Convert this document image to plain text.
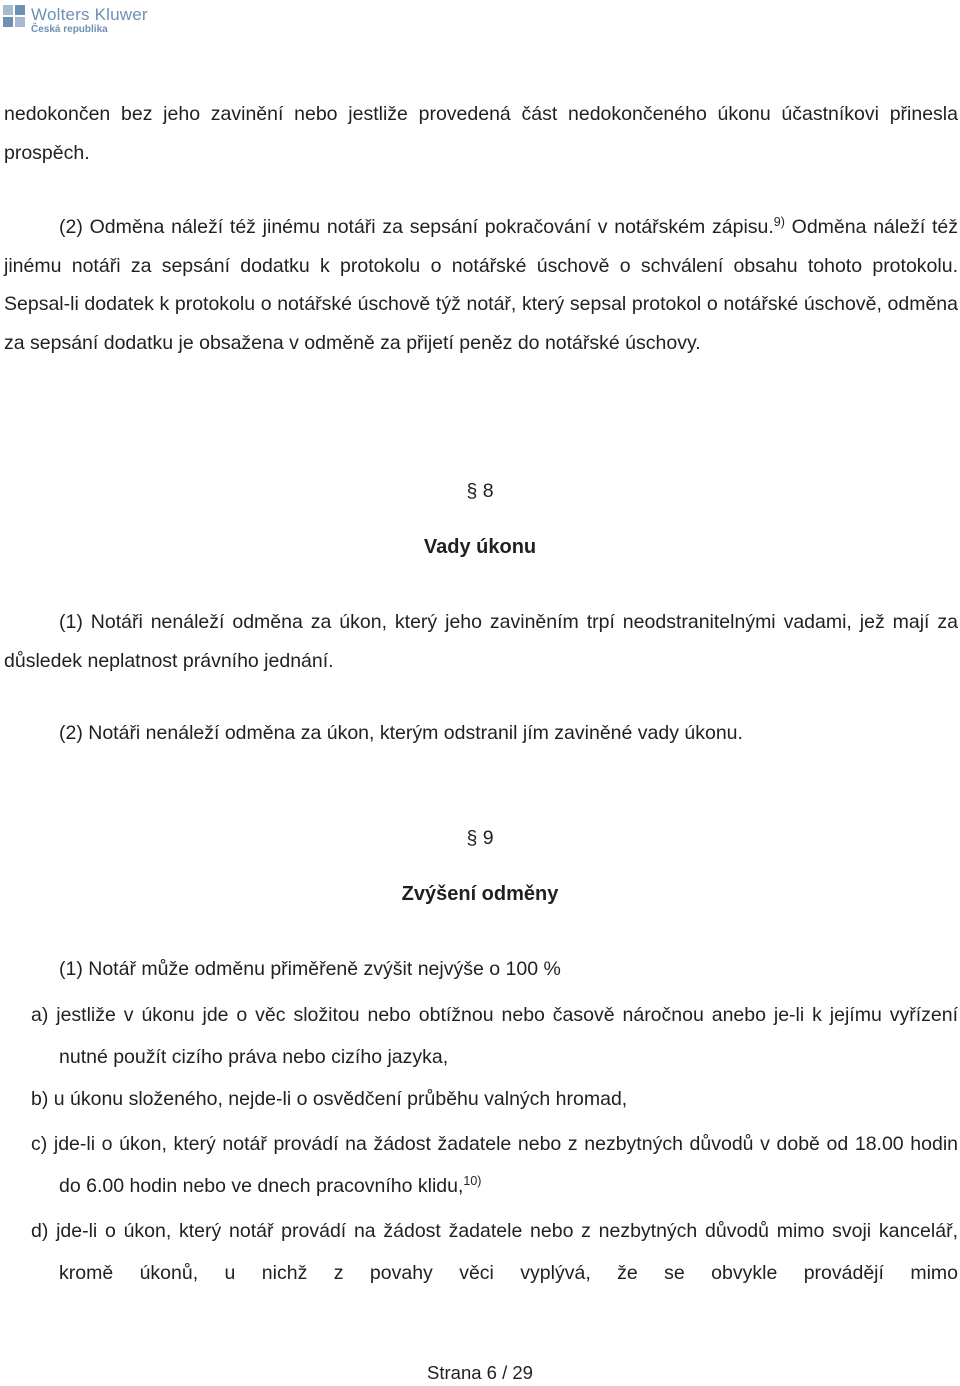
Wolters Kluwer
Česká republika

nedokončen bez jeho zavinění nebo jestliže provedená část nedokončeného úkonu účastníkovi přinesla prospěch.

(2) Odměna náleží též jinému notáři za sepsání pokračování v notářském zápisu.$^{9)}$ Odměna náleží též jinému notáři za sepsání dodatku k protokolu o notářské úschově o schválení obsahu tohoto protokolu. Sepsal-li dodatek k protokolu o notářské úschově týž notář, který sepsal protokol o notářské úschově, odměna za sepsání dodatku je obsažena v odměně za přijetí peněz do notářské úschovy.

§ 8

Vady úkonu

(1) Notáři nenáleží odměna za úkon, který jeho zaviněním trpí neodstranitelnými vadami, jež mají za důsledek neplatnost právního jednání.

(2) Notáři nenáleží odměna za úkon, kterým odstranil jím zaviněné vady úkonu.

§ 9

Zvýšení odměny

(1) Notář může odměnu přiměřeně zvýšit nejvýše o 100 %

a) jestliže v úkonu jde o věc složitou nebo obtížnou nebo časově náročnou anebo je-li k jejímu vyřízení nutné použít cizího práva nebo cizího jazyka,

b) u úkonu složeného, nejde-li o osvědčení průběhu valných hromad,

c) jde-li o úkon, který notář provádí na žádost žadatele nebo z nezbytných důvodů v době od 18.00 hodin do 6.00 hodin nebo ve dnech pracovního klidu,$^{10)}$

d) jde-li o úkon, který notář provádí na žádost žadatele nebo z nezbytných důvodů mimo svoji kancelář, kromě úkonů, u nichž z povahy věci vyplývá, že se obvykle provádějí mimo

Strana 6 / 29
